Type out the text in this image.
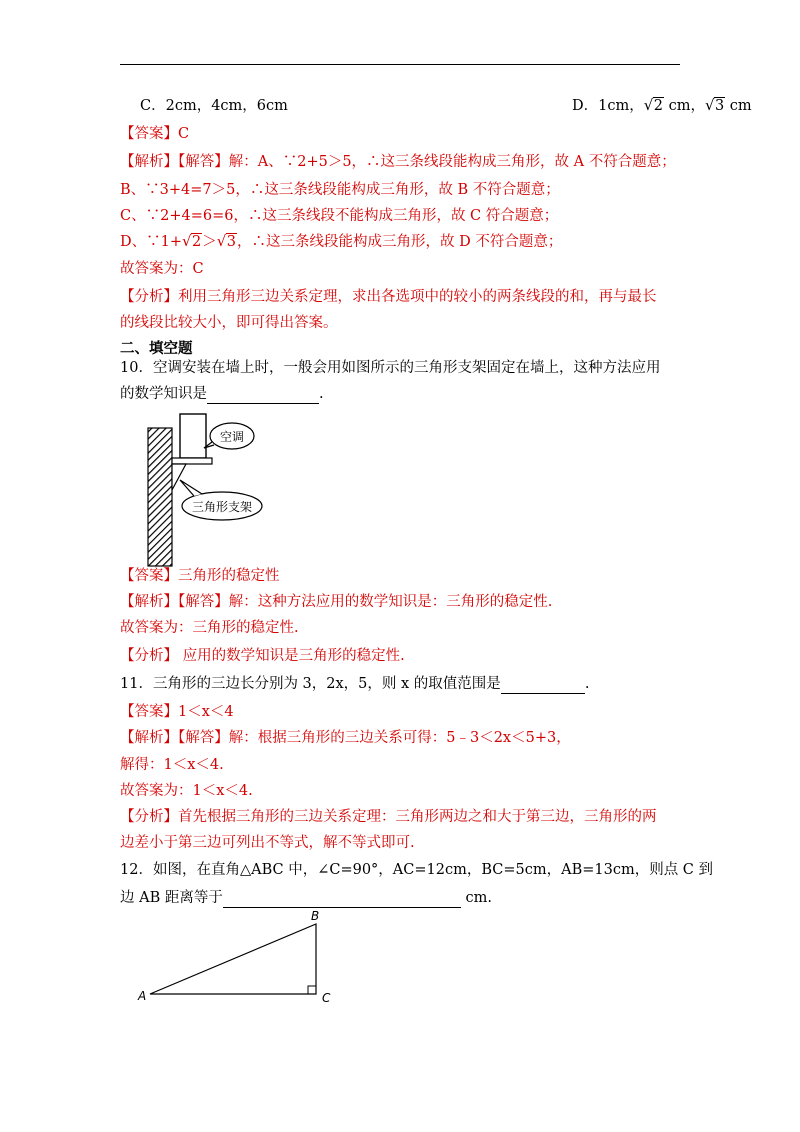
C．2cm，4cm，6cm	D．1cm， √ 2 cm， √ 3 cm
【答案】C
【解析】【解答】解：A、∵2+5＞5，∴这三条线段能构成三角形，故 A 不符合题意；
B、∵3+4=7＞5，∴这三条线段能构成三角形，故 B 不符合题意；
C、∵2+4=6=6，∴这三条线段不能构成三角形，故 C 符合题意；
D、∵1+ √ 2＞ √ 3，∴这三条线段能构成三角形，故 D 不符合题意；
故答案为：C
【分析】利用三角形三边关系定理，求出各选项中的较小的两条线段的和，再与最长
的线段比较大小，即可得出答案。
二、填空题
10．空调安装在墙上时，一般会用如图所示的三角形支架固定在墙上，这种方法应用
的数学知识是	.
空调
三角形支架
【答案】三角形的稳定性
【解析】【解答】解：这种方法应用的数学知识是：三角形的稳定性.
故答案为：三角形的稳定性.
【分析】 应用的数学知识是三角形的稳定性.
11．三角形的三边长分别为 3，2x，5，则 x 的取值范围是	.
【答案】1＜x＜4
【解析】【解答】解：根据三角形的三边关系可得：5﹣3＜2x＜5+3，
解得：1＜x＜4.
故答案为：1＜x＜4.
【分析】首先根据三角形的三边关系定理：三角形两边之和大于第三边，三角形的两
边差小于第三边可列出不等式，解不等式即可.
12．如图，在直角△ABC 中，∠C=90°，AC=12cm，BC=5cm，AB=13cm，则点 C 到
边 AB 距离等于	cm.
A
B
C
